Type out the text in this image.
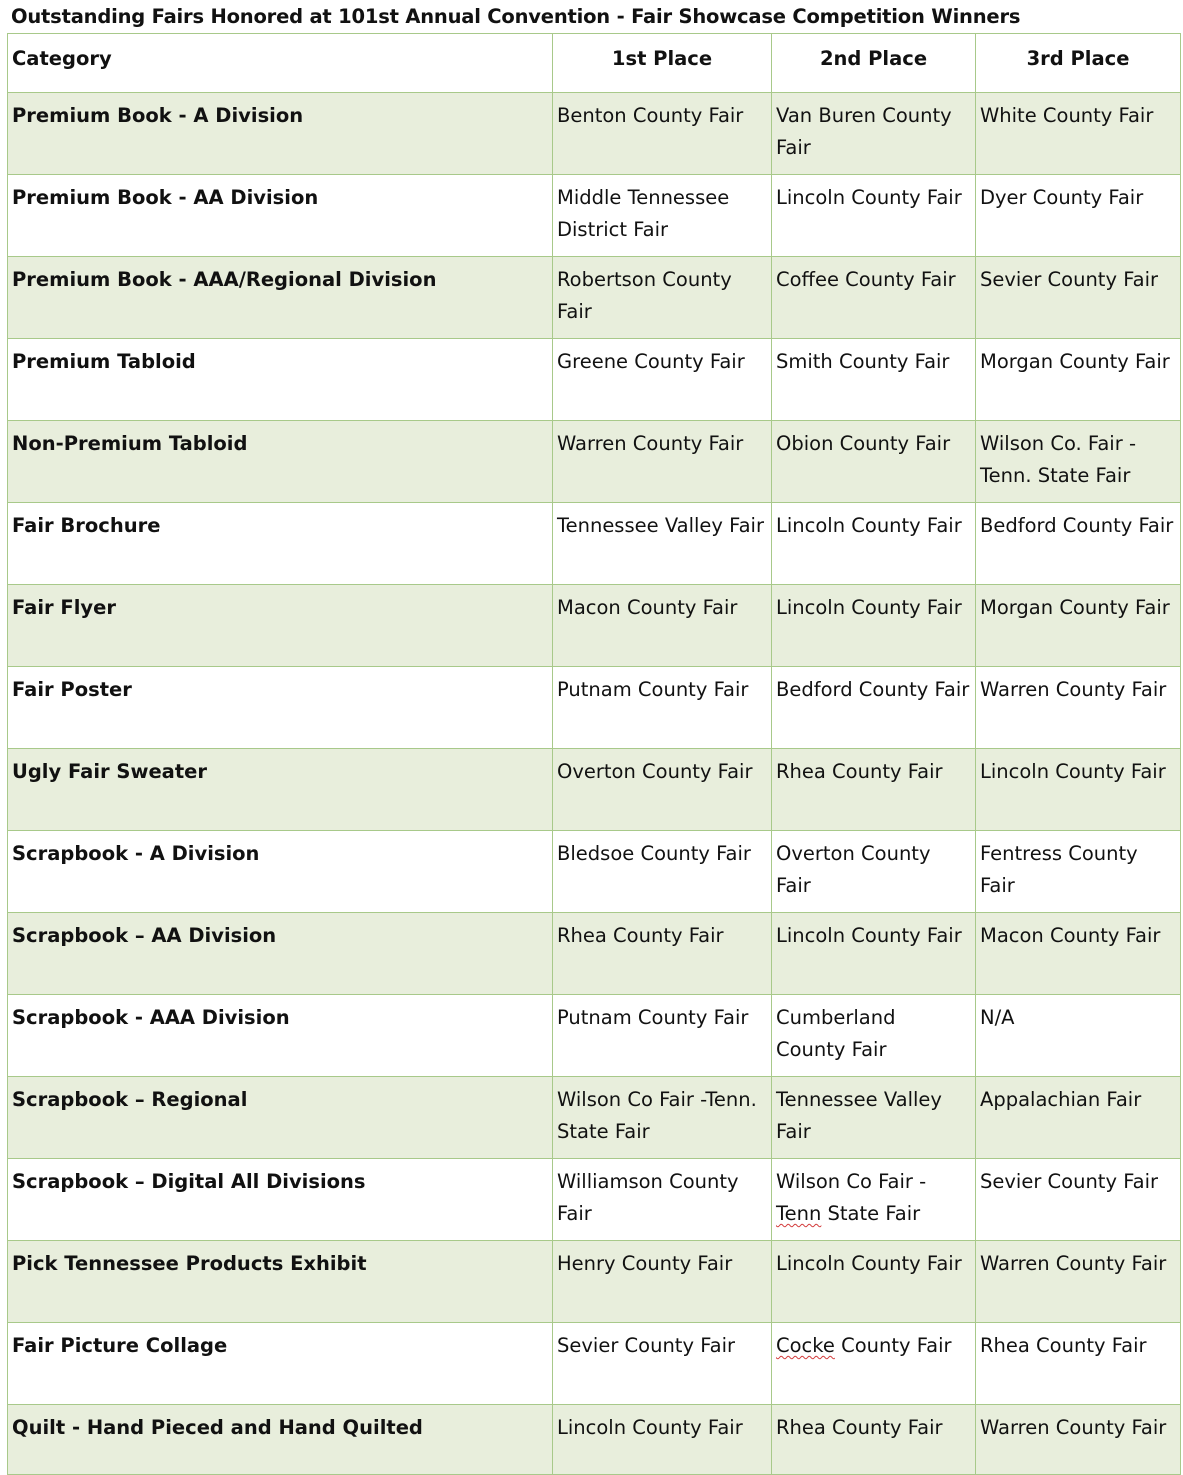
Outstanding Fairs Honored at 101st Annual Convention - Fair Showcase Competition Winners
Category	1st Place	2nd Place	3rd Place
Premium Book - A Division	Benton County Fair	Van Buren County Fair	White County Fair
Premium Book - AA Division	Middle Tennessee District Fair	Lincoln County Fair	Dyer County Fair
Premium Book - AAA/Regional Division	Robertson County Fair	Coffee County Fair	Sevier County Fair
Premium Tabloid	Greene County Fair	Smith County Fair	Morgan County Fair
Non-Premium Tabloid	Warren County Fair	Obion County Fair	Wilson Co. Fair - Tenn. State Fair
Fair Brochure	Tennessee Valley Fair	Lincoln County Fair	Bedford County Fair
Fair Flyer	Macon County Fair	Lincoln County Fair	Morgan County Fair
Fair Poster	Putnam County Fair	Bedford County Fair	Warren County Fair
Ugly Fair Sweater	Overton County Fair	Rhea County Fair	Lincoln County Fair
Scrapbook - A Division	Bledsoe County Fair	Overton County Fair	Fentress County Fair
Scrapbook – AA Division	Rhea County Fair	Lincoln County Fair	Macon County Fair
Scrapbook - AAA Division	Putnam County Fair	Cumberland County Fair	N/A
Scrapbook – Regional	Wilson Co Fair -Tenn. State Fair	Tennessee Valley Fair	Appalachian Fair
Scrapbook – Digital All Divisions	Williamson County Fair	Wilson Co Fair - Tenn State Fair	Sevier County Fair
Pick Tennessee Products Exhibit	Henry County Fair	Lincoln County Fair	Warren County Fair
Fair Picture Collage	Sevier County Fair	Cocke County Fair	Rhea County Fair
Quilt - Hand Pieced and Hand Quilted	Lincoln County Fair	Rhea County Fair	Warren County Fair
